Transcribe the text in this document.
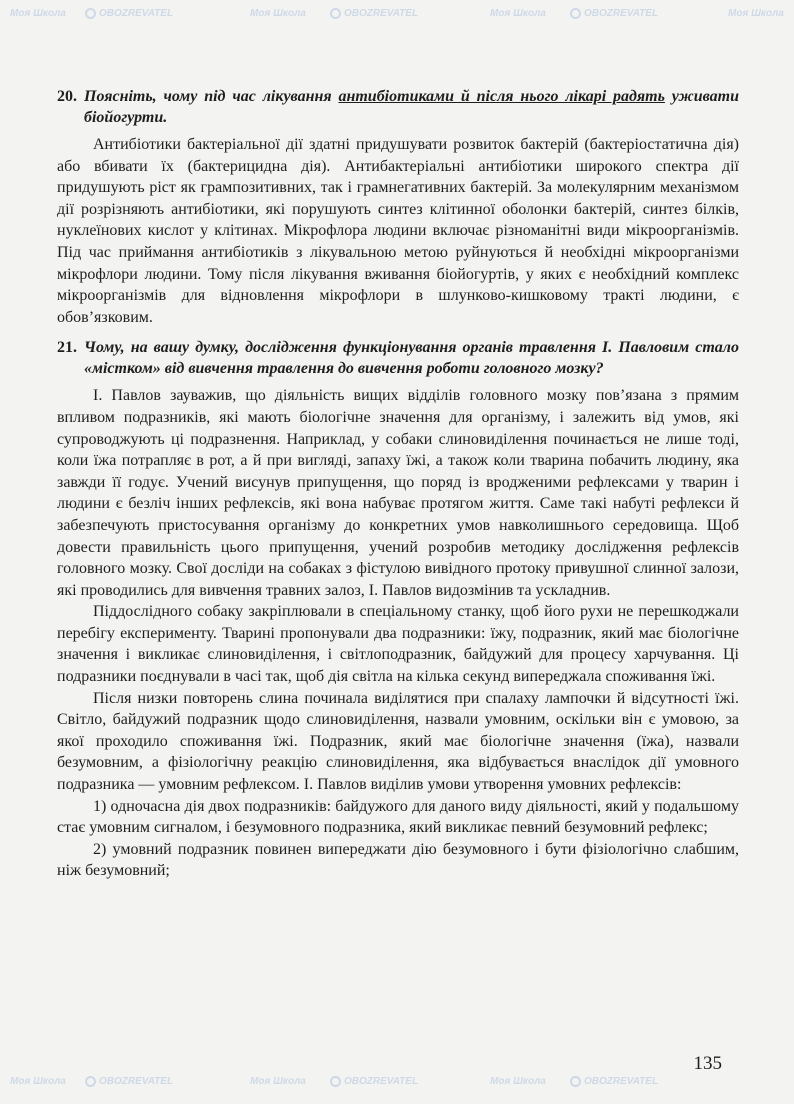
Моя Школа	OBOZREVATEL	Моя Школа	OBOZREVATEL	Моя Школа	OBOZREVATEL	Моя Школа
Моя Школа	OBOZREVATEL	Моя Школа	OBOZREVATEL	Моя Школа	OBOZREVATEL
20. Поясніть, чому під час лікування антибіотиками й після нього лікарі радять уживати біойогурти.

Антибіотики бактеріальної дії здатні придушувати розвиток бактерій (бактеріостатична дія) або вбивати їх (бактерицидна дія). Антибактеріальні антибіотики широкого спектра дії придушують ріст як грампозитивних, так і грамнегативних бактерій. За молекулярним механізмом дії розрізняють антибіотики, які порушують синтез клітинної оболонки бактерій, синтез білків, нуклеїнових кислот у клітинах. Мікрофлора людини включає різноманітні види мікроорганізмів. Під час приймання антибіотиків з лікувальною метою руйнуються й необхідні мікроорганізми мікрофлори людини. Тому після лікування вживання біойогуртів, у яких є необхідний комплекс мікроорганізмів для відновлення мікрофлори в шлунково-кишковому тракті людини, є обов’язковим.

21. Чому, на вашу думку, дослідження функціонування органів травлення І. Павловим стало «містком» від вивчення травлення до вивчення роботи головного мозку?

І. Павлов зауважив, що діяльність вищих відділів головного мозку пов’язана з прямим впливом подразників, які мають біологічне значення для організму, і залежить від умов, які супроводжують ці подразнення. Наприклад, у собаки слиновиділення починається не лише тоді, коли їжа потрапляє в рот, а й при вигляді, запаху їжі, а також коли тварина побачить людину, яка завжди її годує. Учений висунув припущення, що поряд із вродженими рефлексами у тварин і людини є безліч інших рефлексів, які вона набуває протягом життя. Саме такі набуті рефлекси й забезпечують пристосування організму до конкретних умов навколишнього середовища. Щоб довести правильність цього припущення, учений розробив методику дослідження рефлексів головного мозку. Свої досліди на собаках з фістулою вивідного протоку привушної слинної залози, які проводились для вивчення травних залоз, І. Павлов видозмінив та ускладнив.

Піддослідного собаку закріплювали в спеціальному станку, щоб його рухи не перешкоджали перебігу експерименту. Тварині пропонували два подразники: їжу, подразник, який має біологічне значення і викликає слиновиділення, і світлоподразник, байдужий для процесу харчування. Ці подразники поєднували в часі так, щоб дія світла на кілька секунд випереджала споживання їжі.

Після низки повторень слина починала виділятися при спалаху лампочки й відсутності їжі. Світло, байдужий подразник щодо слиновиділення, назвали умовним, оскільки він є умовою, за якої проходило споживання їжі. Подразник, який має біологічне значення (їжа), назвали безумовним, а фізіологічну реакцію слиновиділення, яка відбувається внаслідок дії умовного подразника — умовним рефлексом. І. Павлов виділив умови утворення умовних рефлексів:

1) одночасна дія двох подразників: байдужого для даного виду діяльності, який у подальшому стає умовним сигналом, і безумовного подразника, який викликає певний безумовний рефлекс;

2) умовний подразник повинен випереджати дію безумовного і бути фізіологічно слабшим, ніж безумовний;

135
